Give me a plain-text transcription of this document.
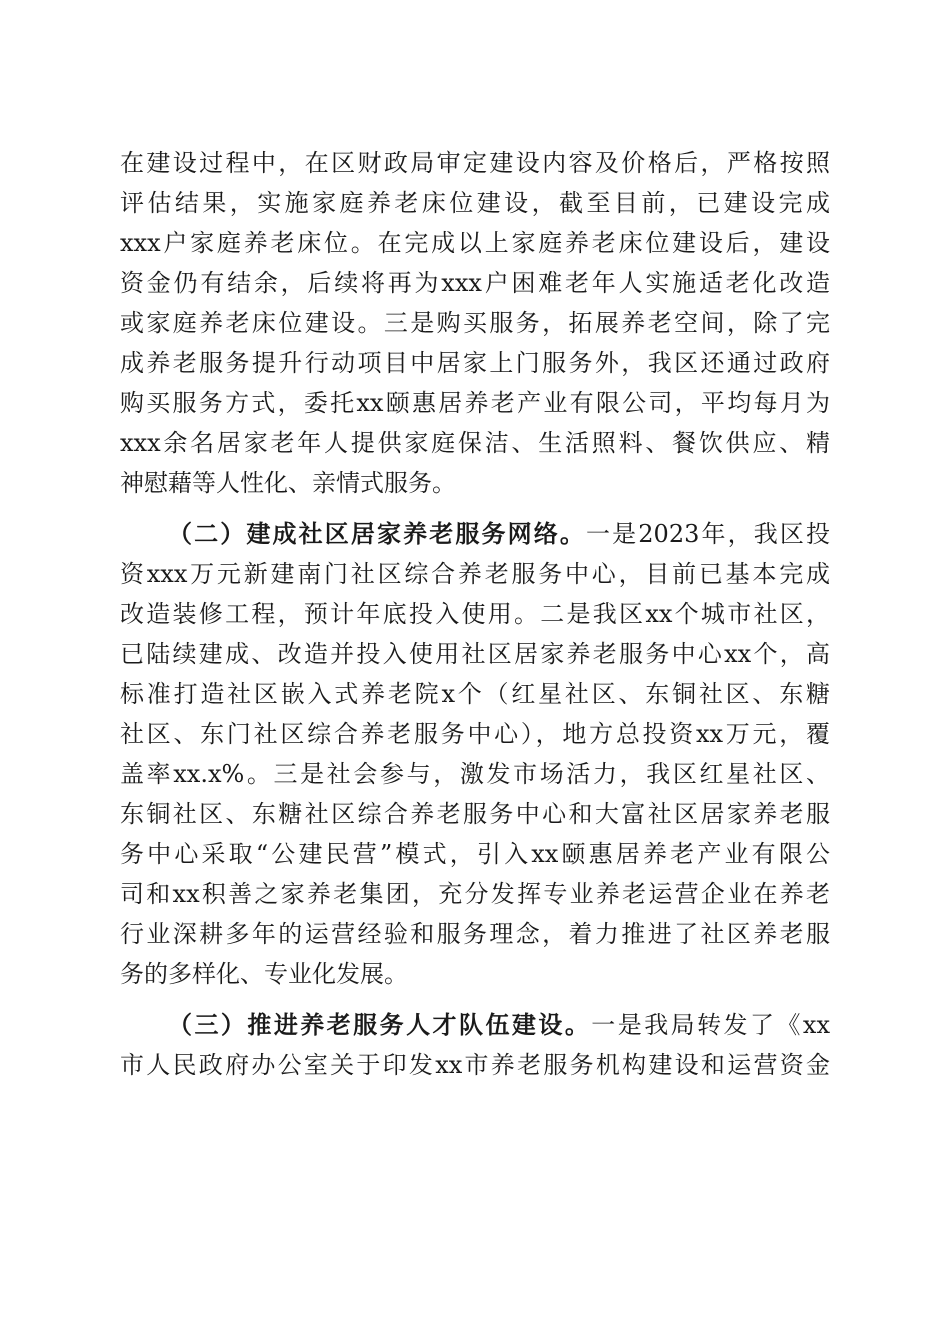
在建设过程中，在区财政局审定建设内容及价格后，严格按照
评估结果，实施家庭养老床位建设，截至目前，已建设完成
xxx户家庭养老床位。在完成以上家庭养老床位建设后，建设
资金仍有结余，后续将再为xxx户困难老年人实施适老化改造
或家庭养老床位建设。三是购买服务，拓展养老空间，除了完
成养老服务提升行动项目中居家上门服务外，我区还通过政府
购买服务方式，委托xx颐惠居养老产业有限公司，平均每月为
xxx余名居家老年人提供家庭保洁、生活照料、餐饮供应、精
神慰藉等人性化、亲情式服务。
（二）建成社区居家养老服务网络。一是2023年，我区投
资xxx万元新建南门社区综合养老服务中心，目前已基本完成
改造装修工程，预计年底投入使用。二是我区xx个城市社区，
已陆续建成、改造并投入使用社区居家养老服务中心xx个，高
标准打造社区嵌入式养老院x个（红星社区、东铜社区、东糖
社区、东门社区综合养老服务中心），地方总投资xx万元，覆
盖率xx.x%。三是社会参与，激发市场活力，我区红星社区、
东铜社区、东糖社区综合养老服务中心和大富社区居家养老服
务中心采取“公建民营”模式，引入xx颐惠居养老产业有限公
司和xx积善之家养老集团，充分发挥专业养老运营企业在养老
行业深耕多年的运营经验和服务理念，着力推进了社区养老服
务的多样化、专业化发展。
（三）推进养老服务人才队伍建设。一是我局转发了《xx
市人民政府办公室关于印发xx市养老服务机构建设和运营资金
